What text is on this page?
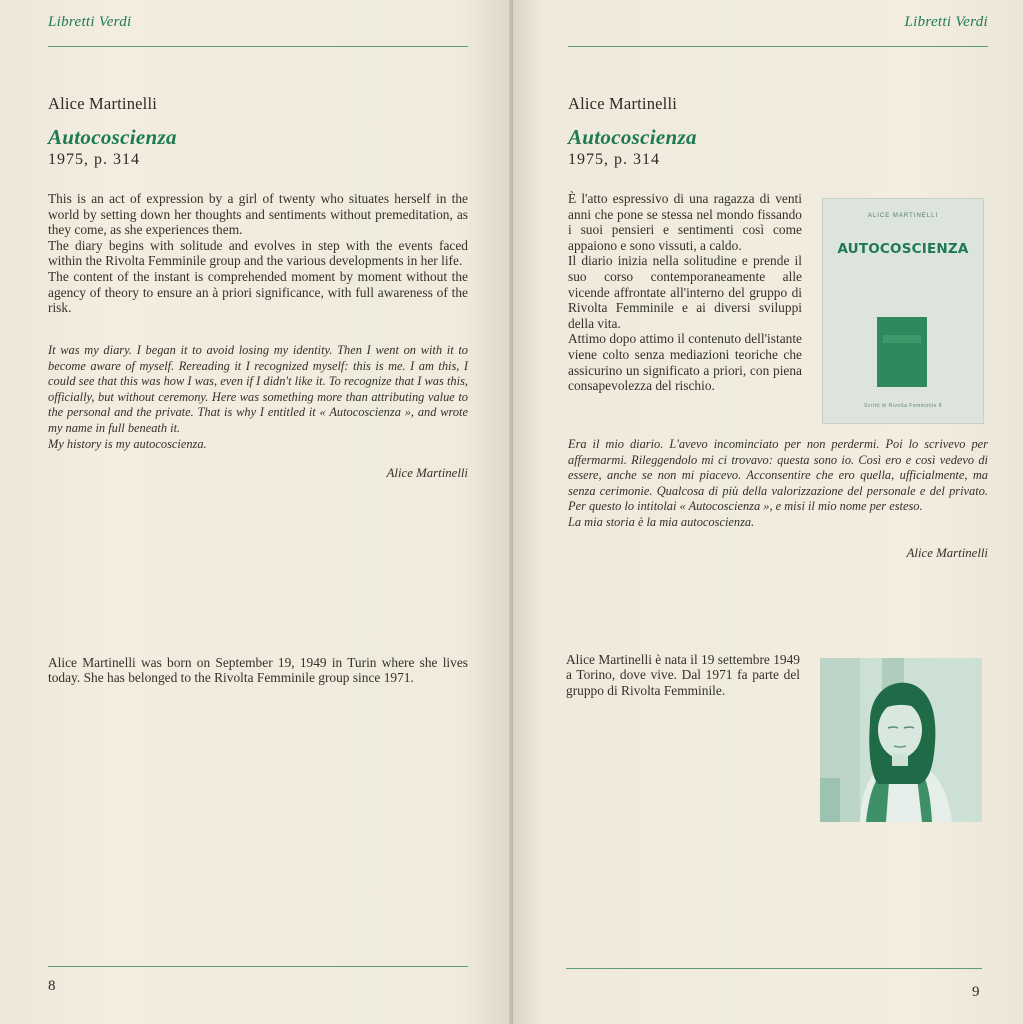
Libretti Verdi
Alice Martinelli
Autocoscienza
1975, p. 314

This is an act of expression by a girl of twenty who situates herself in the world by setting down her thoughts and sentiments without premeditation, as they come, as she experiences them.

The diary begins with solitude and evolves in step with the events faced within the Rivolta Femminile group and the various developments in her life.

The content of the instant is comprehended moment by moment without the agency of theory to ensure an à priori significance, with full awareness of the risk.

It was my diary. I began it to avoid losing my identity. Then I went on with it to become aware of myself. Rereading it I recognized myself: this is me. I am this, I could see that this was how I was, even if I didn't like it. To recognize that I was this, officially, but without ceremony. Here was something more than attributing value to the personal and the private. That is why I entitled it « Autocoscienza », and wrote my name in full beneath it.

My history is my autocoscienza.

Alice Martinelli
Alice Martinelli was born on September 19, 1949 in Turin where she lives today. She has belonged to the Rivolta Femminile group since 1971.
8
Libretti Verdi
Alice Martinelli
Autocoscienza
1975, p. 314

È l'atto espressivo di una ragazza di venti anni che pone se stessa nel mondo fissando i suoi pensieri e sentimenti così come appaiono e sono vissuti, a caldo.

Il diario inizia nella solitudine e prende il suo corso contemporaneamente alle vicende affrontate all'interno del gruppo di Rivolta Femminile e ai diversi sviluppi della vita.

Attimo dopo attimo il contenuto dell'istante viene colto senza mediazioni teoriche che assicurino un significato a priori, con piena consapevolezza del rischio.

ALICE MARTINELLI
AUTOCOSCIENZA
Scritti di Rivolta Femminile 8

Era il mio diario. L'avevo incominciato per non perdermi. Poi lo scrivevo per affermarmi. Rileggendolo mi ci trovavo: questa sono io. Così ero e così vedevo di essere, anche se non mi piacevo. Acconsentire che ero quella, ufficialmente, ma senza cerimonie. Qualcosa di più della valorizzazione del personale e del privato. Per questo lo intitolai « Autocoscienza », e misi il mio nome per esteso.

La mia storia è la mia autocoscienza.

Alice Martinelli
Alice Martinelli è nata il 19 settembre 1949 a Torino, dove vive. Dal 1971 fa parte del gruppo di Rivolta Femminile.
9
